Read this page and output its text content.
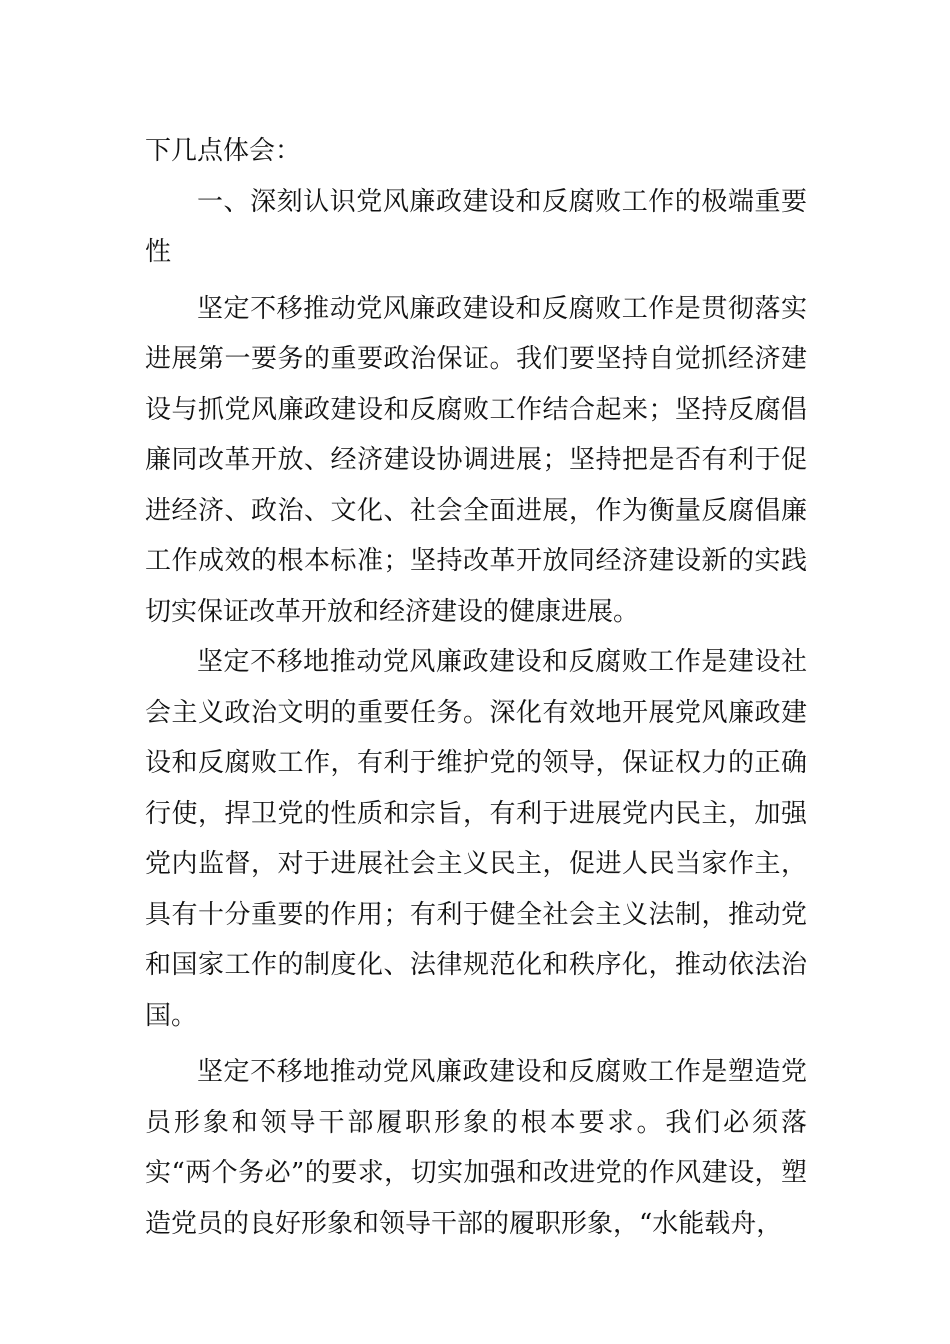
下几点体会：

一、深刻认识党风廉政建设和反腐败工作的极端重要性

坚定不移推动党风廉政建设和反腐败工作是贯彻落实进展第一要务的重要政治保证。我们要坚持自觉抓经济建设与抓党风廉政建设和反腐败工作结合起来；坚持反腐倡廉同改革开放、经济建设协调进展；坚持把是否有利于促进经济、政治、文化、社会全面进展，作为衡量反腐倡廉工作成效的根本标准；坚持改革开放同经济建设新的实践切实保证改革开放和经济建设的健康进展。

坚定不移地推动党风廉政建设和反腐败工作是建设社会主义政治文明的重要任务。深化有效地开展党风廉政建设和反腐败工作，有利于维护党的领导，保证权力的正确行使，捍卫党的性质和宗旨，有利于进展党内民主，加强党内监督，对于进展社会主义民主，促进人民当家作主，具有十分重要的作用；有利于健全社会主义法制，推动党和国家工作的制度化、法律规范化和秩序化，推动依法治国。

坚定不移地推动党风廉政建设和反腐败工作是塑造党员形象和领导干部履职形象的根本要求。我们必须落实“两个务必”的要求，切实加强和改进党的作风建设，塑造党员的良好形象和领导干部的履职形象，“水能载舟，
